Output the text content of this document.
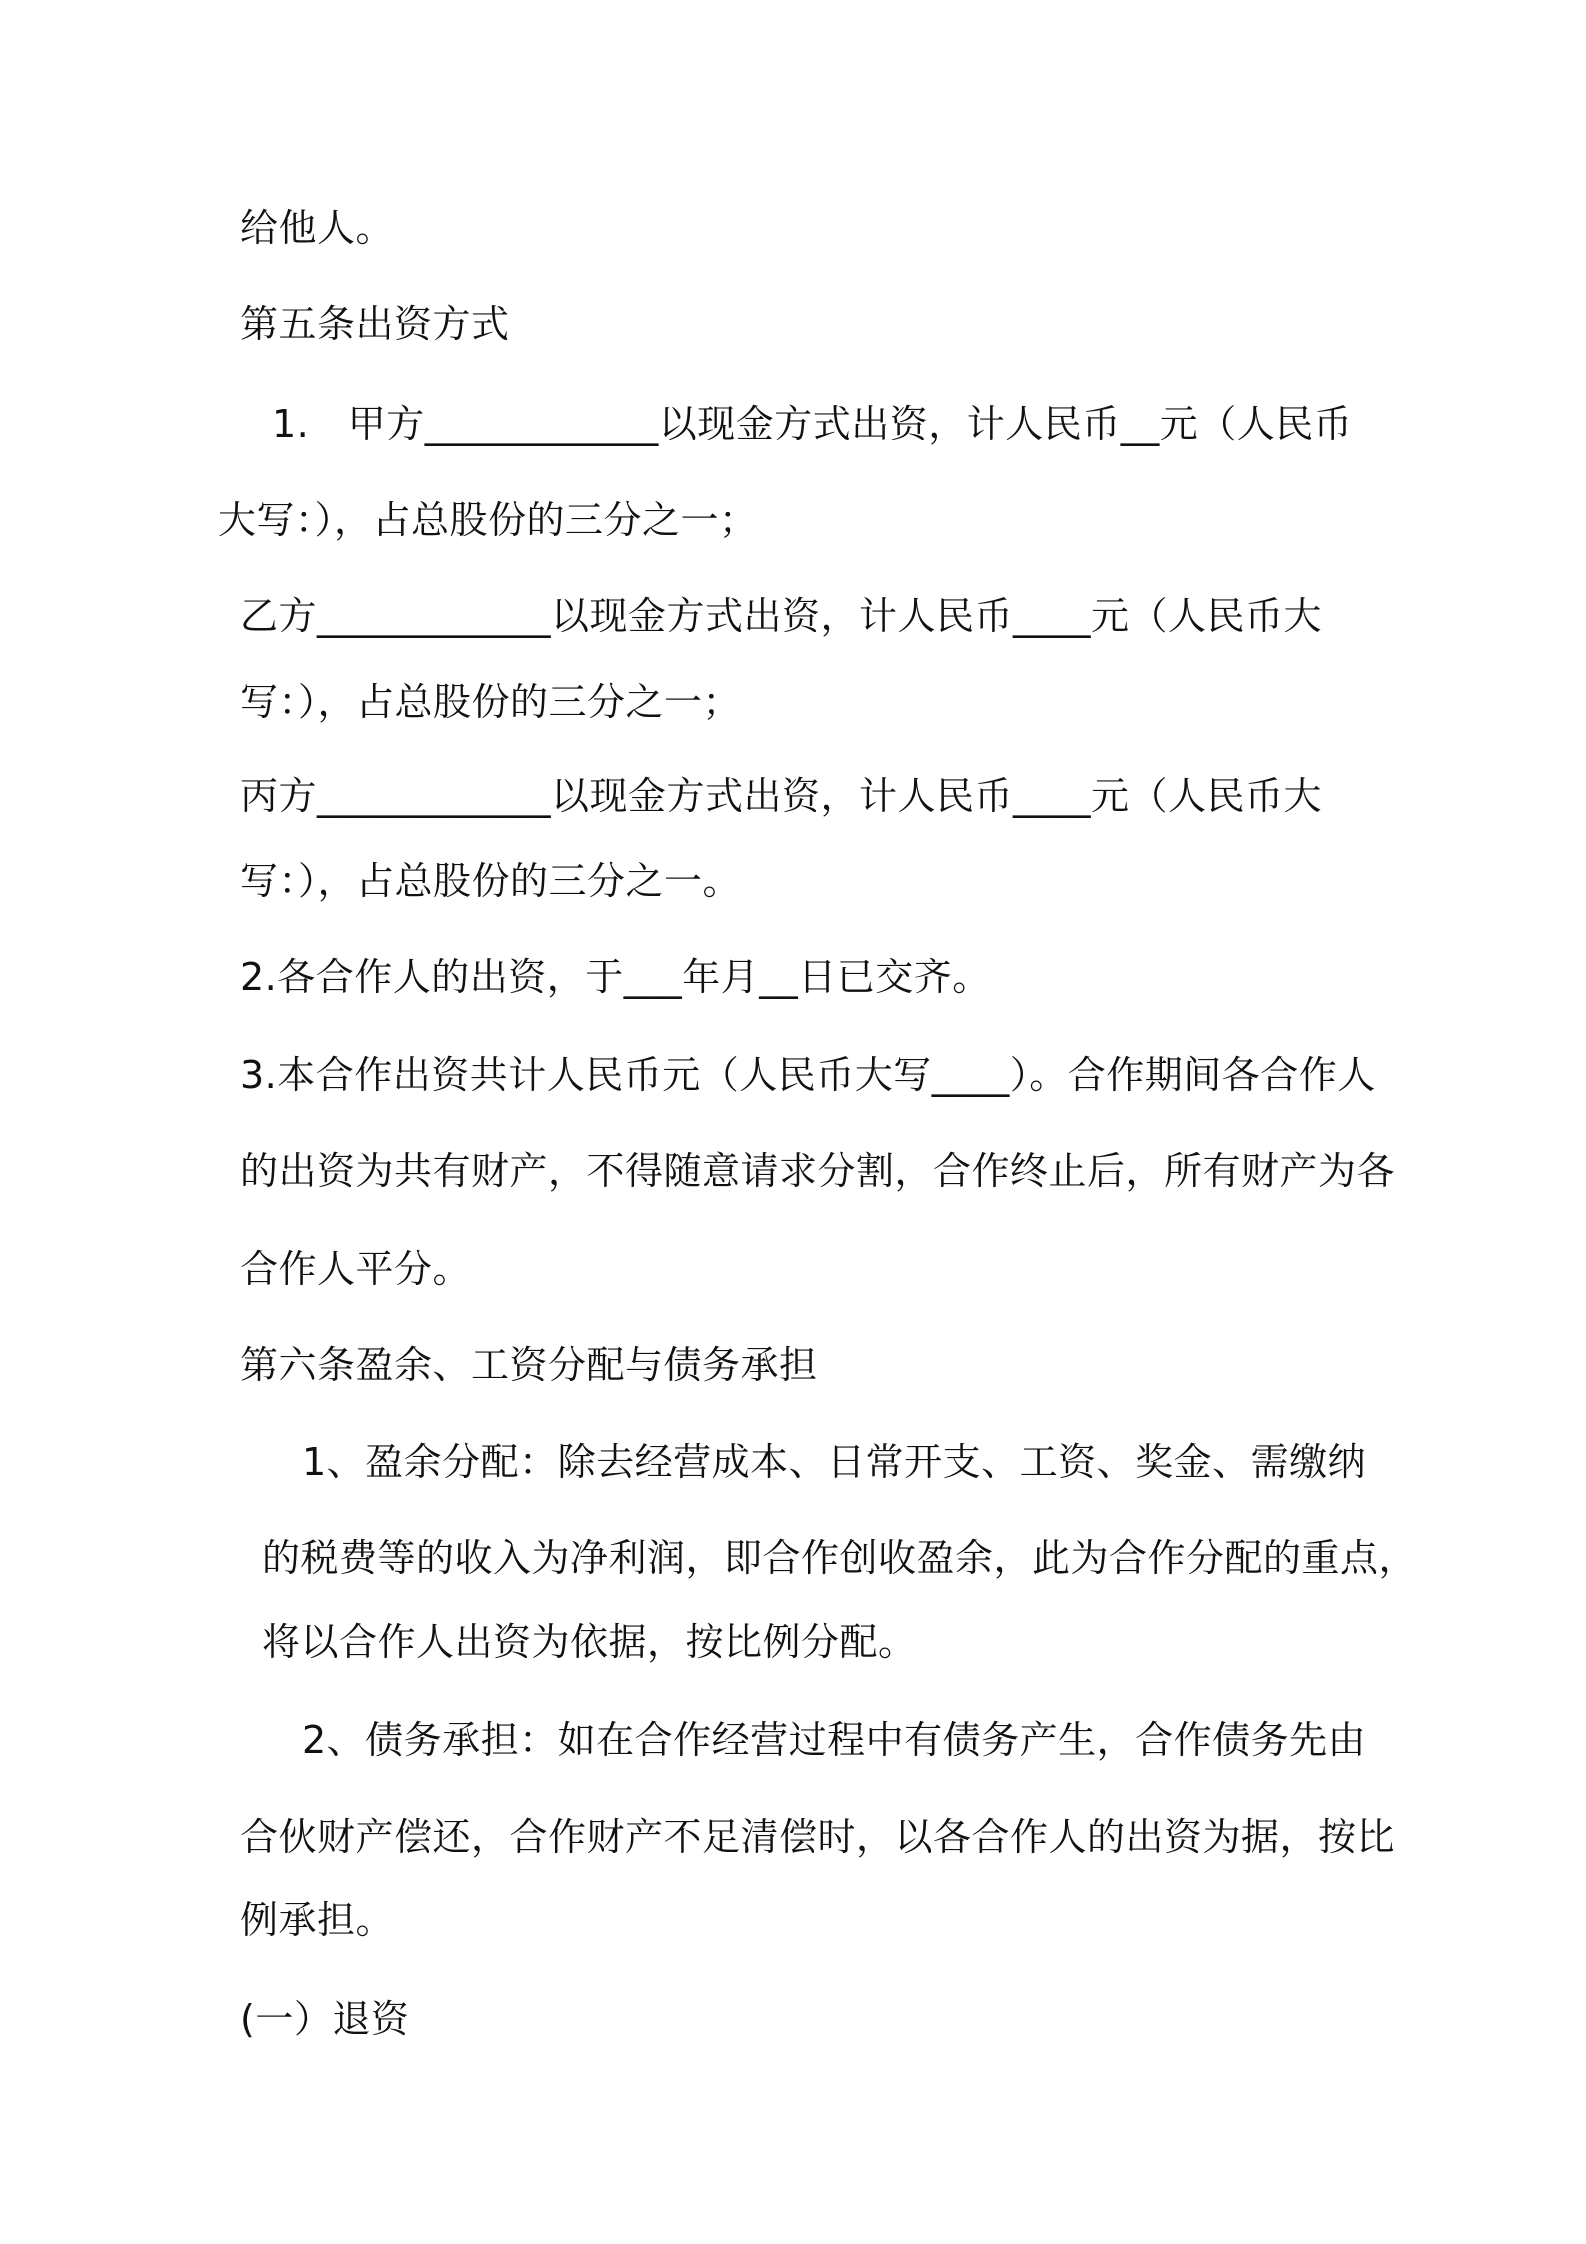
给他人。
第五条出资方式
1.　甲方____________以现金方式出资，计人民币__元（人民币
大写：），占总股份的三分之一；
乙方____________以现金方式出资，计人民币____元（人民币大
写：），占总股份的三分之一；
丙方____________以现金方式出资，计人民币____元（人民币大
写：），占总股份的三分之一。
2.各合作人的出资，于___年月__日已交齐。
3.本合作出资共计人民币元（人民币大写____）。合作期间各合作人
的出资为共有财产，不得随意请求分割，合作终止后，所有财产为各
合作人平分。
第六条盈余、工资分配与债务承担
1、盈余分配：除去经营成本、日常开支、工资、奖金、需缴纳
的税费等的收入为净利润，即合作创收盈余，此为合作分配的重点，
将以合作人出资为依据，按比例分配。
2、债务承担：如在合作经营过程中有债务产生，合作债务先由
合伙财产偿还，合作财产不足清偿时，以各合作人的出资为据，按比
例承担。
(一）退资
